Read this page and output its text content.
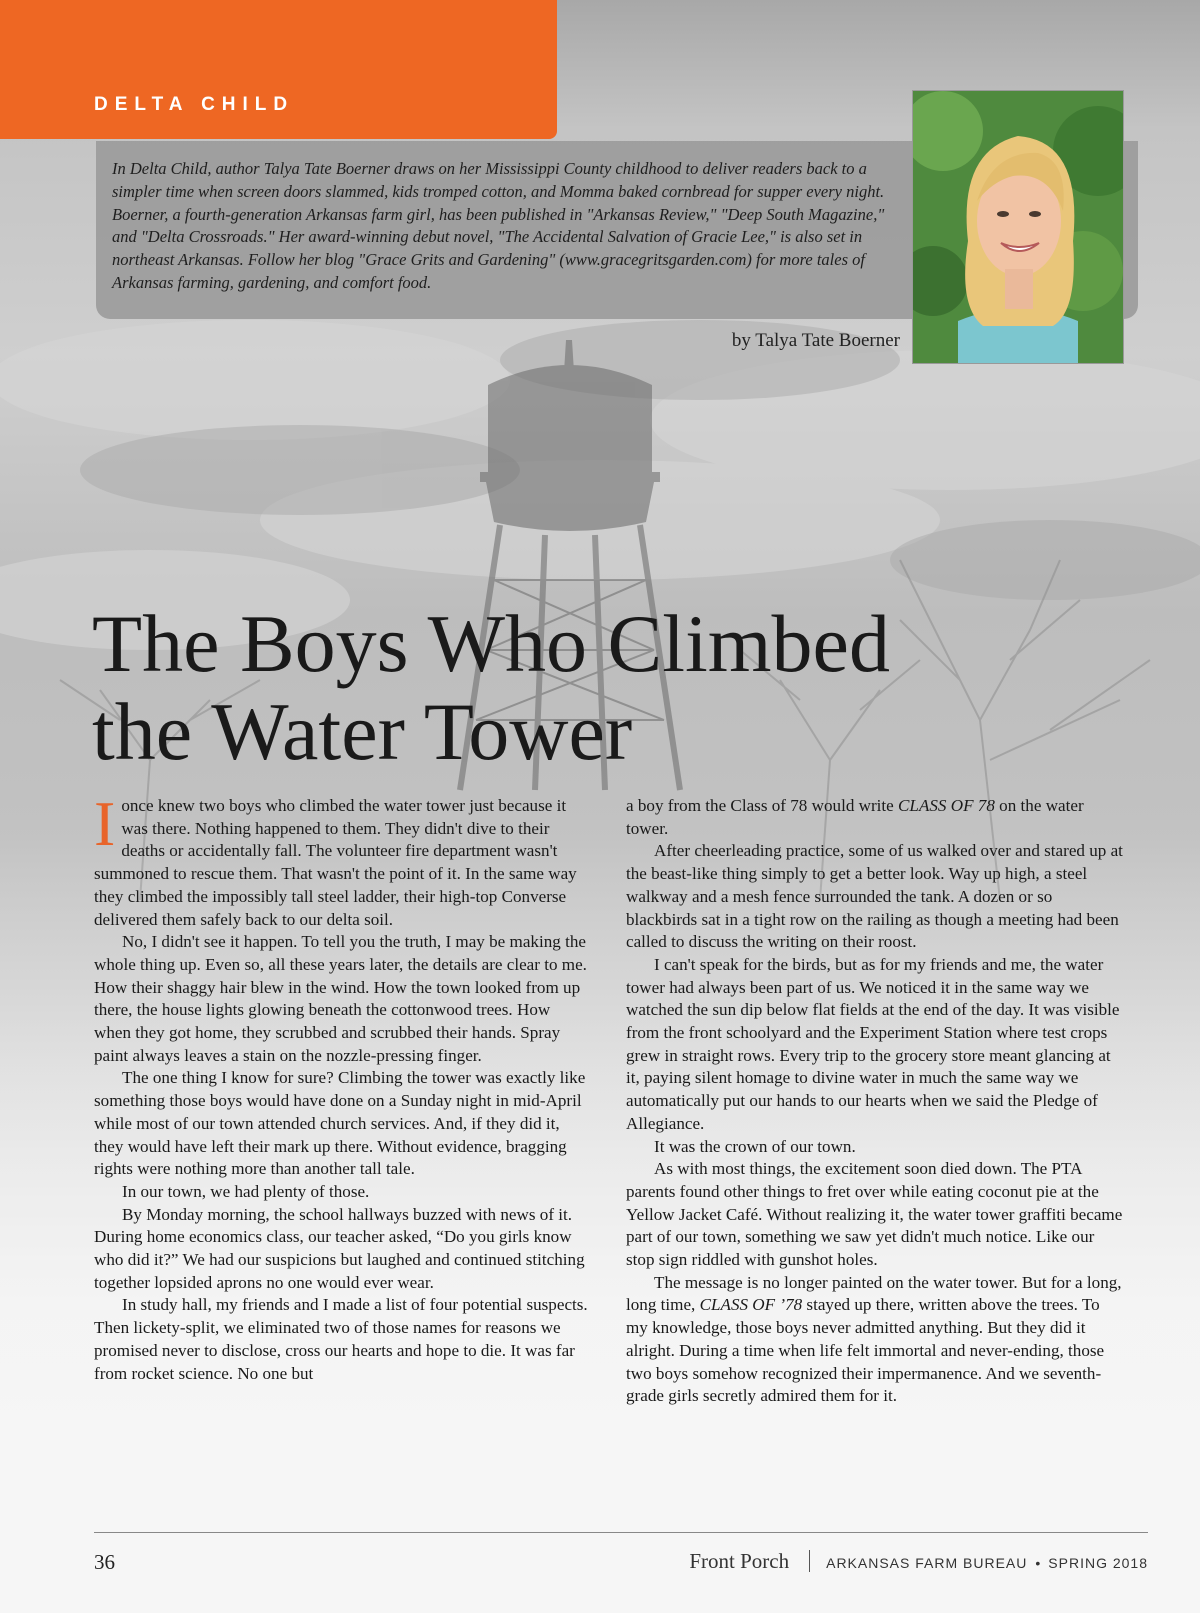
DELTA CHILD

In Delta Child, author Talya Tate Boerner draws on her Mississippi County childhood to deliver readers back to a simpler time when screen doors slammed, kids tromped cotton, and Momma baked cornbread for supper every night. Boerner, a fourth-generation Arkansas farm girl, has been published in "Arkansas Review," "Deep South Magazine," and "Delta Crossroads." Her award-winning debut novel, "The Accidental Salvation of Gracie Lee," is also set in northeast Arkansas. Follow her blog "Grace Grits and Gardening" (www.gracegritsgarden.com) for more tales of Arkansas farming, gardening, and comfort food.

by Talya Tate Boerner

The Boys Who Climbed
the Water Tower

Ionce knew two boys who climbed the water tower just because it was there. Nothing happened to them. They didn't dive to their deaths or accidentally fall. The volunteer fire department wasn't summoned to rescue them. That wasn't the point of it. In the same way they climbed the impossibly tall steel ladder, their high-top Converse delivered them safely back to our delta soil.

No, I didn't see it happen. To tell you the truth, I may be making the whole thing up. Even so, all these years later, the details are clear to me. How their shaggy hair blew in the wind. How the town looked from up there, the house lights glowing beneath the cottonwood trees. How when they got home, they scrubbed and scrubbed their hands. Spray paint always leaves a stain on the nozzle-pressing finger.

The one thing I know for sure? Climbing the tower was exactly like something those boys would have done on a Sunday night in mid-April while most of our town attended church services. And, if they did it, they would have left their mark up there. Without evidence, bragging rights were nothing more than another tall tale.

In our town, we had plenty of those.

By Monday morning, the school hallways buzzed with news of it. During home economics class, our teacher asked, “Do you girls know who did it?” We had our suspicions but laughed and continued stitching together lopsided aprons no one would ever wear.

In study hall, my friends and I made a list of four potential suspects. Then lickety-split, we eliminated two of those names for reasons we promised never to disclose, cross our hearts and hope to die. It was far from rocket science. No one but

a boy from the Class of 78 would write CLASS OF 78 on the water tower.

After cheerleading practice, some of us walked over and stared up at the beast-like thing simply to get a better look. Way up high, a steel walkway and a mesh fence surrounded the tank. A dozen or so blackbirds sat in a tight row on the railing as though a meeting had been called to discuss the writing on their roost.

I can't speak for the birds, but as for my friends and me, the water tower had always been part of us. We noticed it in the same way we watched the sun dip below flat fields at the end of the day. It was visible from the front schoolyard and the Experiment Station where test crops grew in straight rows. Every trip to the grocery store meant glancing at it, paying silent homage to divine water in much the same way we automatically put our hands to our hearts when we said the Pledge of Allegiance.

It was the crown of our town.

As with most things, the excitement soon died down. The PTA parents found other things to fret over while eating coconut pie at the Yellow Jacket Café. Without realizing it, the water tower graffiti became part of our town, something we saw yet didn't much notice. Like our stop sign riddled with gunshot holes.

The message is no longer painted on the water tower. But for a long, long time, CLASS OF ’78 stayed up there, written above the trees. To my knowledge, those boys never admitted anything. But they did it alright. During a time when life felt immortal and never-ending, those two boys somehow recognized their impermanence. And we seventh-grade girls secretly admired them for it.

36	Front Porch	ARKANSAS FARM BUREAU • SPRING 2018
